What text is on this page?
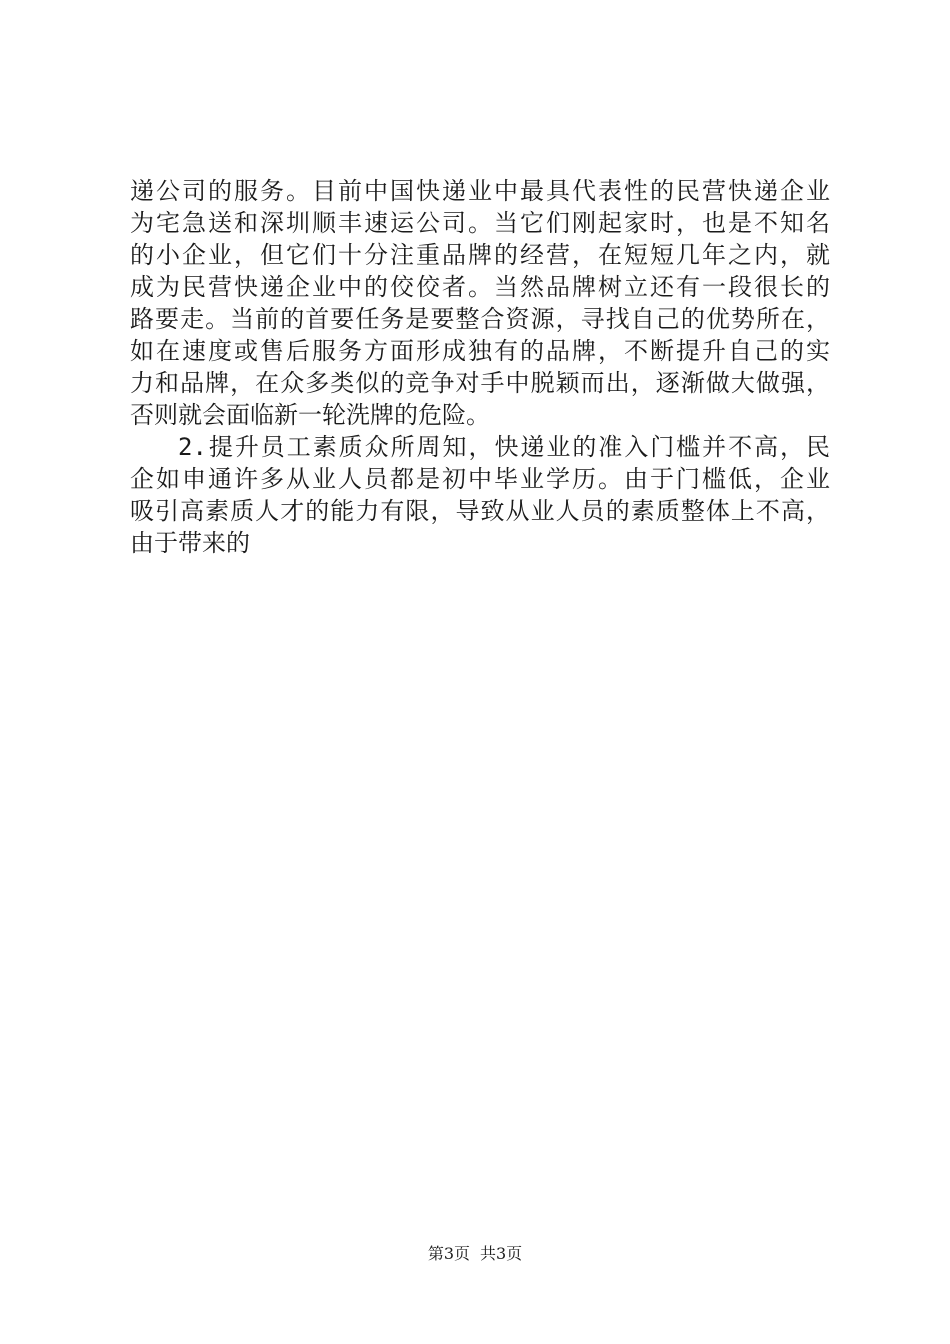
递公司的服务。目前中国快递业中最具代表性的民营快递企业
为宅急送和深圳顺丰速运公司。当它们刚起家时，也是不知名
的小企业，但它们十分注重品牌的经营，在短短几年之内，就
成为民营快递企业中的佼佼者。当然品牌树立还有一段很长的
路要走。当前的首要任务是要整合资源，寻找自己的优势所在，
如在速度或售后服务方面形成独有的品牌，不断提升自己的实
力和品牌，在众多类似的竞争对手中脱颖而出，逐渐做大做强，
否则就会面临新一轮洗牌的危险。
2.提升员工素质众所周知，快递业的准入门槛并不高，民
企如申通许多从业人员都是初中毕业学历。由于门槛低，企业
吸引高素质人才的能力有限，导致从业人员的素质整体上不高，
由于带来的
第3页 共3页
